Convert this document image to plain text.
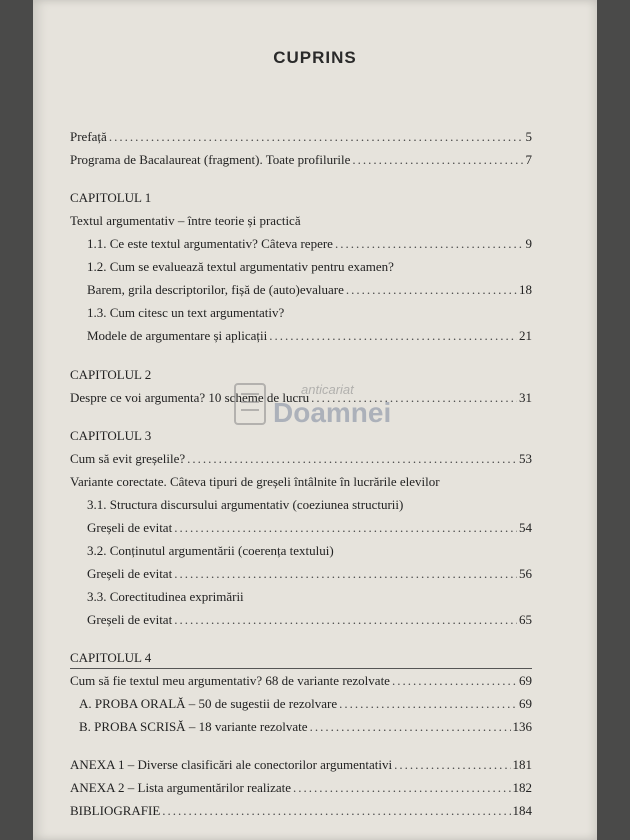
CUPRINS
Prefață .....	5
Programa de Bacalaureat (fragment). Toate profilurile .....	7
CAPITOLUL 1
Textul argumentativ – între teorie și practică
1.1. Ce este textul argumentativ? Câteva repere .....	9
1.2. Cum se evaluează textul argumentativ pentru examen?
Barem, grila descriptorilor, fișă de (auto)evaluare .....	18
1.3. Cum citesc un text argumentativ?
Modele de argumentare și aplicații .....	21
CAPITOLUL 2
Despre ce voi argumenta? 10 scheme de lucru .....	31
CAPITOLUL 3
Cum să evit greșelile? .....	53
Variante corectate. Câteva tipuri de greșeli întâlnite în lucrările elevilor
3.1. Structura discursului argumentativ (coeziunea structurii)
Greșeli de evitat .....	54
3.2. Conținutul argumentării (coerența textului)
Greșeli de evitat .....	56
3.3. Corectitudinea exprimării
Greșeli de evitat .....	65
CAPITOLUL 4
Cum să fie textul meu argumentativ? 68 de variante rezolvate .....	69
A. PROBA ORALĂ – 50 de sugestii de rezolvare .....	69
B. PROBA SCRISĂ – 18 variante rezolvate .....	136
ANEXA 1 – Diverse clasificări ale conectorilor argumentativi .....	181
ANEXA 2 – Lista argumentărilor realizate .....	182
BIBLIOGRAFIE .....	184
anticariat
Doamnei
